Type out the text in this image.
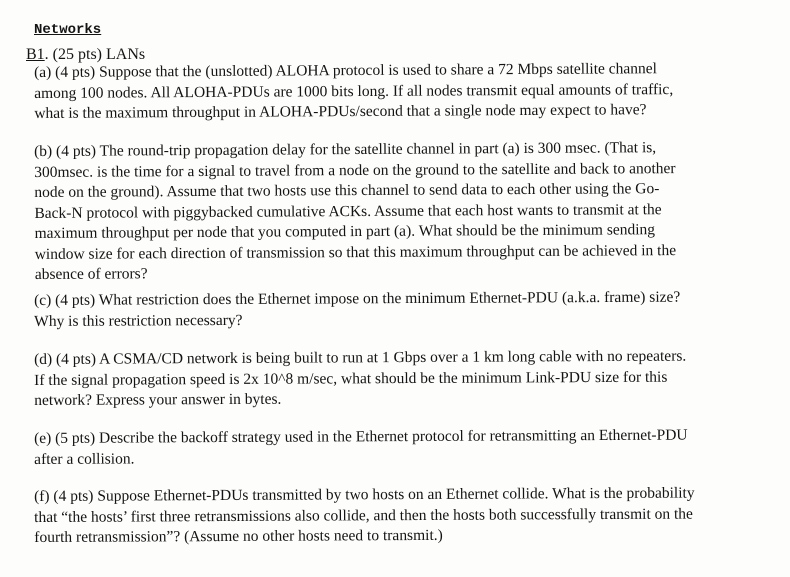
Networks
B1. (25 pts) LANs

(a) (4 pts) Suppose that the (unslotted) ALOHA protocol is used to share a 72 Mbps satellite channel
among 100 nodes. All ALOHA-PDUs are 1000 bits long. If all nodes transmit equal amounts of traffic,
what is the maximum throughput in ALOHA-PDUs/second that a single node may expect to have?

(b) (4 pts) The round-trip propagation delay for the satellite channel in part (a) is 300 msec. (That is,
300msec. is the time for a signal to travel from a node on the ground to the satellite and back to another
node on the ground). Assume that two hosts use this channel to send data to each other using the Go-
Back-N protocol with piggybacked cumulative ACKs. Assume that each host wants to transmit at the
maximum throughput per node that you computed in part (a). What should be the minimum sending
window size for each direction of transmission so that this maximum throughput can be achieved in the
absence of errors?

(c) (4 pts) What restriction does the Ethernet impose on the minimum Ethernet-PDU (a.k.a. frame) size?
Why is this restriction necessary?

(d) (4 pts) A CSMA/CD network is being built to run at 1 Gbps over a 1 km long cable with no repeaters.
If the signal propagation speed is 2x 10^8 m/sec, what should be the minimum Link-PDU size for this
network? Express your answer in bytes.

(e) (5 pts) Describe the backoff strategy used in the Ethernet protocol for retransmitting an Ethernet-PDU
after a collision.

(f) (4 pts) Suppose Ethernet-PDUs transmitted by two hosts on an Ethernet collide. What is the probability
that “the hosts’ first three retransmissions also collide, and then the hosts both successfully transmit on the
fourth retransmission”? (Assume no other hosts need to transmit.)
